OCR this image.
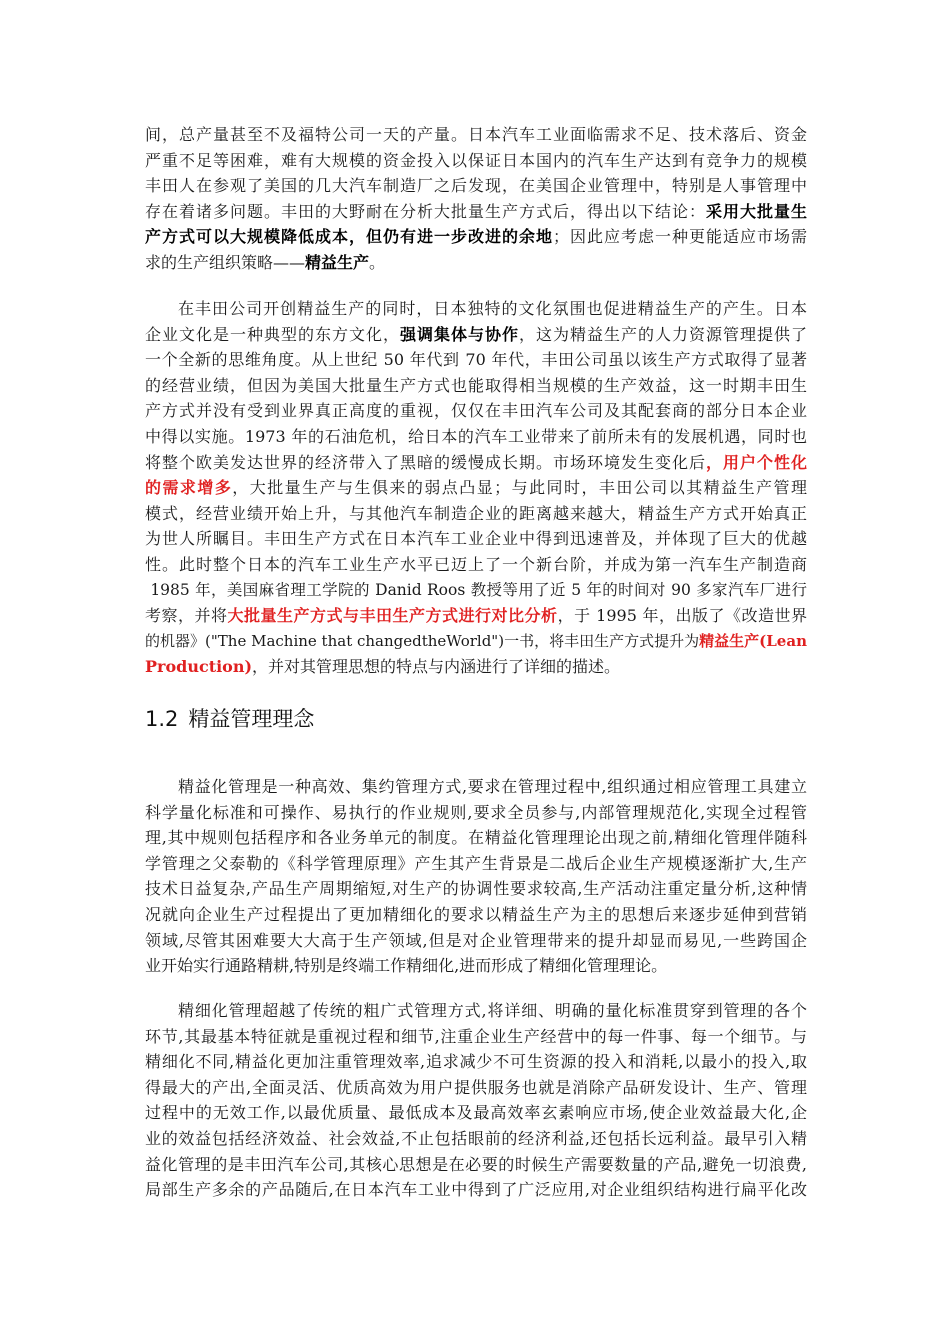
间，总产量甚至不及福特公司一天的产量。日本汽车工业面临需求不足、技术落后、资金
严重不足等困难，难有大规模的资金投入以保证日本国内的汽车生产达到有竞争力的规模
丰田人在参观了美国的几大汽车制造厂之后发现，在美国企业管理中，特别是人事管理中
存在着诸多问题。丰田的大野耐在分析大批量生产方式后，得出以下结论：采用大批量生
产方式可以大规模降低成本，但仍有进一步改进的余地；因此应考虑一种更能适应市场需
求的生产组织策略——精益生产。
在丰田公司开创精益生产的同时，日本独特的文化氛围也促进精益生产的产生。日本
企业文化是一种典型的东方文化，强调集体与协作，这为精益生产的人力资源管理提供了
一个全新的思维角度。从上世纪 50 年代到 70 年代，丰田公司虽以该生产方式取得了显著
的经营业绩，但因为美国大批量生产方式也能取得相当规模的生产效益，这一时期丰田生
产方式并没有受到业界真正高度的重视，仅仅在丰田汽车公司及其配套商的部分日本企业
中得以实施。1973 年的石油危机，给日本的汽车工业带来了前所未有的发展机遇，同时也
将整个欧美发达世界的经济带入了黑暗的缓慢成长期。市场环境发生变化后，用户个性化
的需求增多，大批量生产与生俱来的弱点凸显；与此同时，丰田公司以其精益生产管理
模式，经营业绩开始上升，与其他汽车制造企业的距离越来越大，精益生产方式开始真正
为世人所瞩目。丰田生产方式在日本汽车工业企业中得到迅速普及，并体现了巨大的优越
性。此时整个日本的汽车工业生产水平已迈上了一个新台阶，并成为第一汽车生产制造商
1985 年，美国麻省理工学院的 Danid Roos 教授等用了近 5 年的时间对 90 多家汽车厂进行
考察，并将大批量生产方式与丰田生产方式进行对比分析，于 1995 年，出版了《改造世界
的机器》("The Machine that changedtheWorld")一书，将丰田生产方式提升为精益生产(Lean
Production)，并对其管理思想的特点与内涵进行了详细的描述。
1.2 精益管理理念
精益化管理是一种高效、集约管理方式,要求在管理过程中,组织通过相应管理工具建立
科学量化标准和可操作、易执行的作业规则,要求全员参与,内部管理规范化,实现全过程管
理,其中规则包括程序和各业务单元的制度。在精益化管理理论出现之前,精细化管理伴随科
学管理之父泰勒的《科学管理原理》产生其产生背景是二战后企业生产规模逐渐扩大,生产
技术日益复杂,产品生产周期缩短,对生产的协调性要求较高,生产活动注重定量分析,这种情
况就向企业生产过程提出了更加精细化的要求以精益生产为主的思想后来逐步延伸到营销
领域,尽管其困难要大大高于生产领域,但是对企业管理带来的提升却显而易见,一些跨国企
业开始实行通路精耕,特别是终端工作精细化,进而形成了精细化管理理论。
精细化管理超越了传统的粗广式管理方式,将详细、明确的量化标准贯穿到管理的各个
环节,其最基本特征就是重视过程和细节,注重企业生产经营中的每一件事、每一个细节。与
精细化不同,精益化更加注重管理效率,追求减少不可生资源的投入和消耗,以最小的投入,取
得最大的产出,全面灵活、优质高效为用户提供服务也就是消除产品研发设计、生产、管理
过程中的无效工作,以最优质量、最低成本及最高效率玄素响应市场,使企业效益最大化,企
业的效益包括经济效益、社会效益,不止包括眼前的经济利益,还包括长远利益。最早引入精
益化管理的是丰田汽车公司,其核心思想是在必要的时候生产需要数量的产品,避免一切浪费,
局部生产多余的产品随后,在日本汽车工业中得到了广泛应用,对企业组织结构进行扁平化改
